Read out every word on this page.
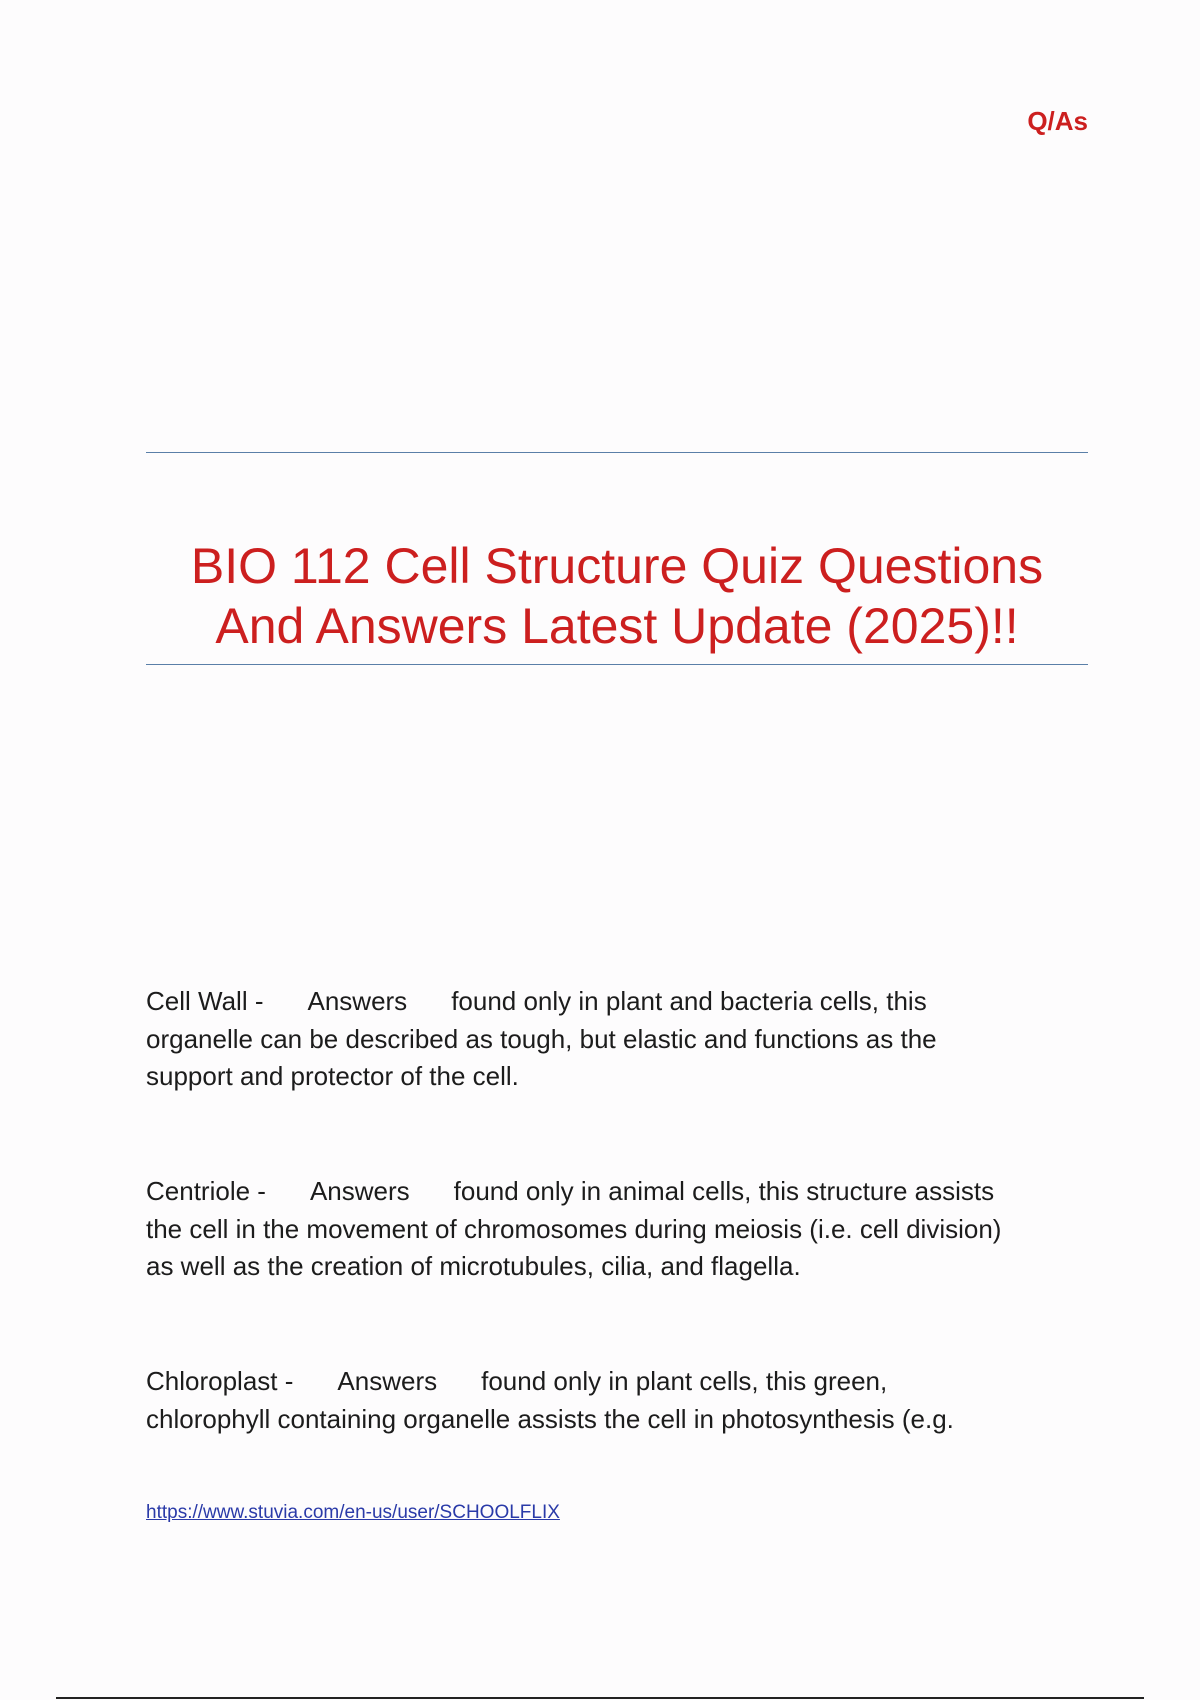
Q/As
BIO 112 Cell Structure Quiz Questions
And Answers Latest Update (2025)!!
Cell Wall - Answers found only in plant and bacteria cells, this
organelle can be described as tough, but elastic and functions as the
support and protector of the cell.
Centriole - Answers found only in animal cells, this structure assists
the cell in the movement of chromosomes during meiosis (i.e. cell division)
as well as the creation of microtubules, cilia, and flagella.
Chloroplast - Answers found only in plant cells, this green,
chlorophyll containing organelle assists the cell in photosynthesis (e.g.
https://www.stuvia.com/en-us/user/SCHOOLFLIX
